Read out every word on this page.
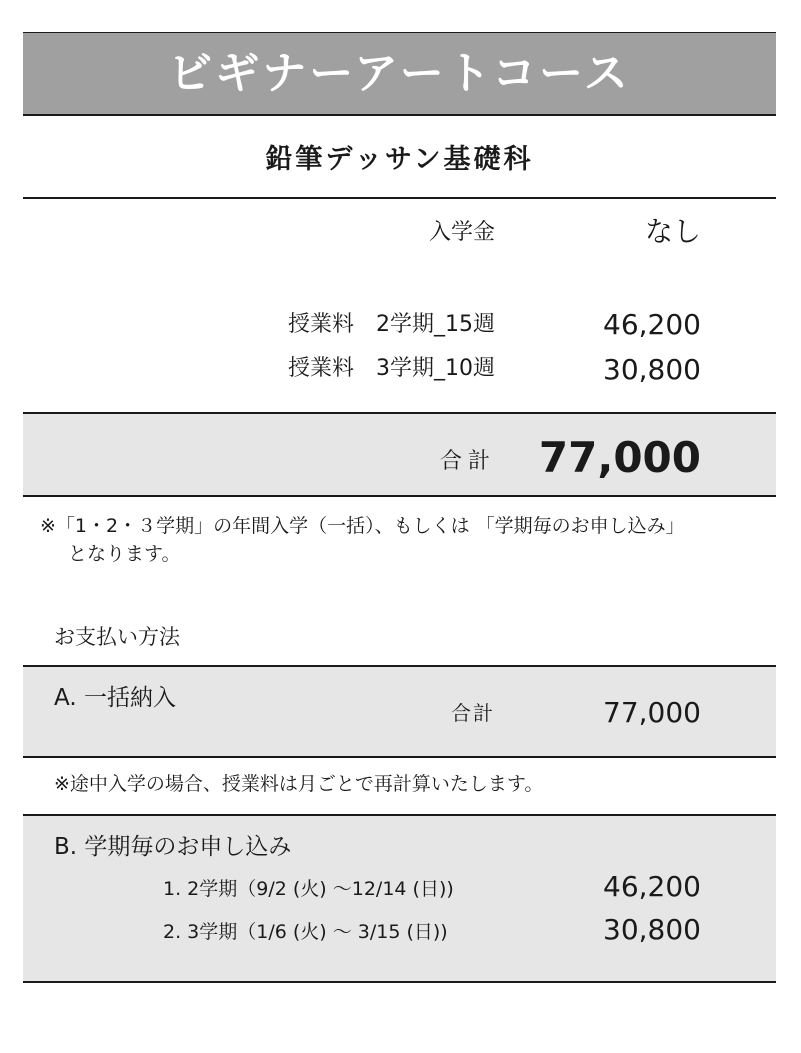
ビギナーアートコース
鉛筆デッサン基礎科
入学金	なし
授業料　2学期_15週	46,200
授業料　3学期_10週	30,800
合計 77,000
※「1・2・３学期」の年間入学（一括）、もしくは 「学期毎のお申し込み」
となります。
お支払い方法
A. 一括納入
合計	77,000
※途中入学の場合、授業料は月ごとで再計算いたします。
B. 学期毎のお申し込み
1. 2学期（9/2 (火) ～12/14 (日))	46,200
2. 3学期（1/6 (火) ～ 3/15 (日))	30,800
